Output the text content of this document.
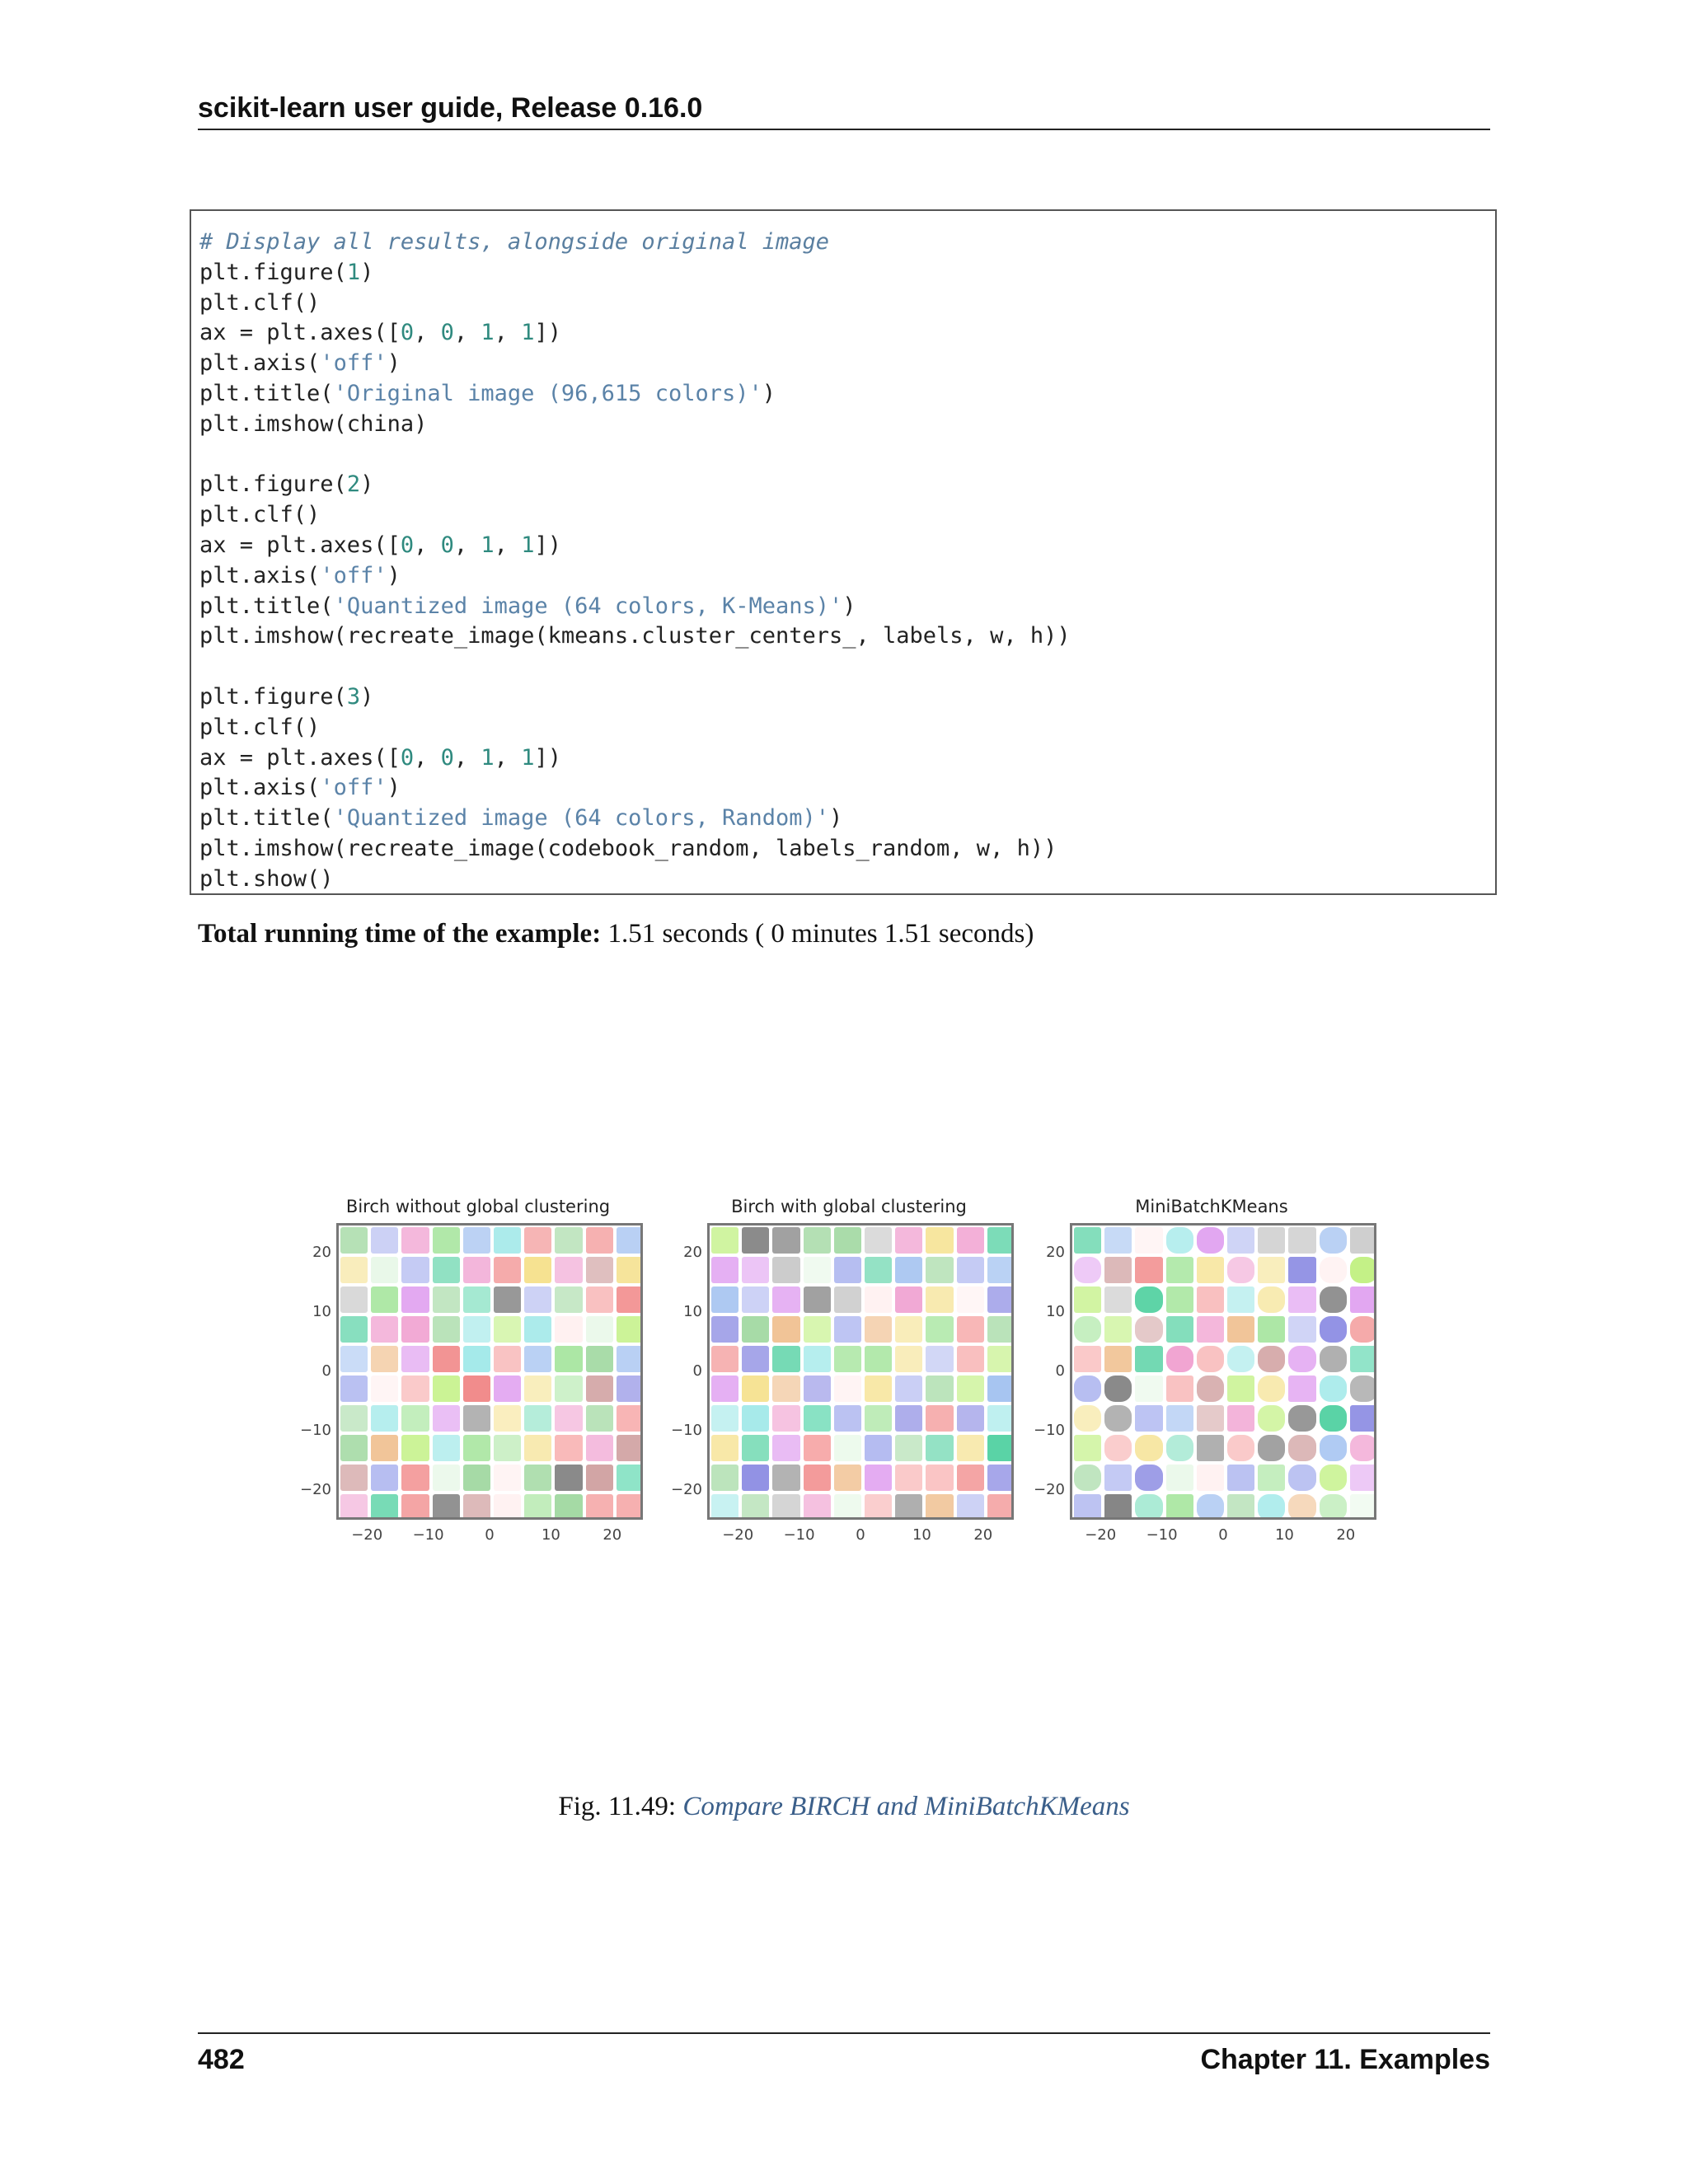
scikit-learn user guide, Release 0.16.0
# Display all results, alongside original image
plt.figure(1)
plt.clf()
ax = plt.axes([0, 0, 1, 1])
plt.axis('off')
plt.title('Original image (96,615 colors)')
plt.imshow(china)
plt.figure(2)
plt.clf()
ax = plt.axes([0, 0, 1, 1])
plt.axis('off')
plt.title('Quantized image (64 colors, K-Means)')
plt.imshow(recreate_image(kmeans.cluster_centers_, labels, w, h))
plt.figure(3)
plt.clf()
ax = plt.axes([0, 0, 1, 1])
plt.axis('off')
plt.title('Quantized image (64 colors, Random)')
plt.imshow(recreate_image(codebook_random, labels_random, w, h))
plt.show()
Total running time of the example: 1.51 seconds ( 0 minutes 1.51 seconds)
Birch without global clustering
20
10
0
−10
−20
−20	−10	0	10	20
Birch with global clustering
20
10
0
−10
−20
−20	−10	0	10	20
MiniBatchKMeans
20
10
0
−10
−20
−20	−10	0	10	20
Fig. 11.49: Compare BIRCH and MiniBatchKMeans
482	Chapter 11. Examples
